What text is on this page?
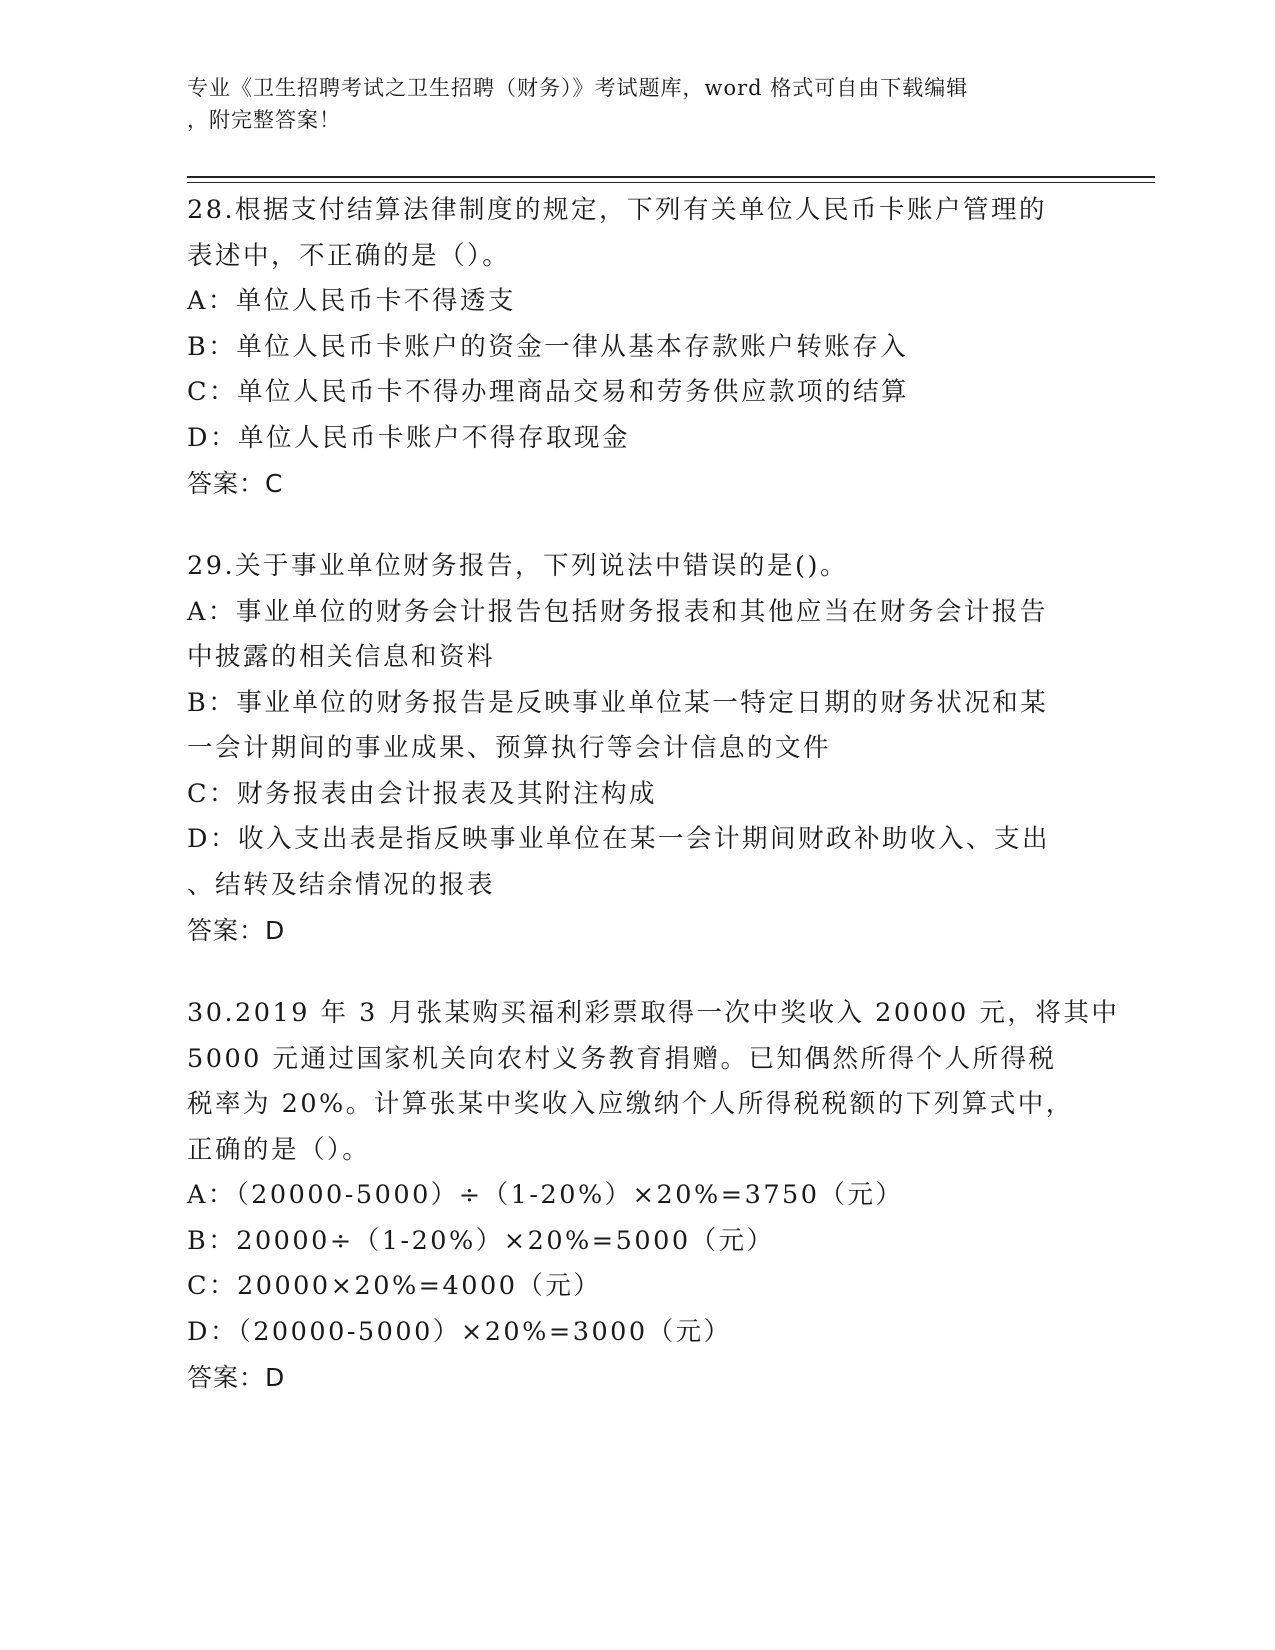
专业《卫生招聘考试之卫生招聘（财务）》考试题库，word 格式可自由下载编辑
，附完整答案！
28.根据支付结算法律制度的规定，下列有关单位人民币卡账户管理的
表述中，不正确的是（）。
A：单位人民币卡不得透支
B：单位人民币卡账户的资金一律从基本存款账户转账存入
C：单位人民币卡不得办理商品交易和劳务供应款项的结算
D：单位人民币卡账户不得存取现金
答案：C
29.关于事业单位财务报告，下列说法中错误的是()。
A：事业单位的财务会计报告包括财务报表和其他应当在财务会计报告
中披露的相关信息和资料
B：事业单位的财务报告是反映事业单位某一特定日期的财务状况和某
一会计期间的事业成果、预算执行等会计信息的文件
C：财务报表由会计报表及其附注构成
D：收入支出表是指反映事业单位在某一会计期间财政补助收入、支出
、结转及结余情况的报表
答案：D
30.2019 年 3 月张某购买福利彩票取得一次中奖收入 20000 元，将其中
5000 元通过国家机关向农村义务教育捐赠。已知偶然所得个人所得税
税率为 20%。计算张某中奖收入应缴纳个人所得税税额的下列算式中，
正确的是（）。
A：（20000-5000）÷（1-20%）×20%=3750（元）
B：20000÷（1-20%）×20%=5000（元）
C：20000×20%=4000（元）
D：（20000-5000）×20%=3000（元）
答案：D
